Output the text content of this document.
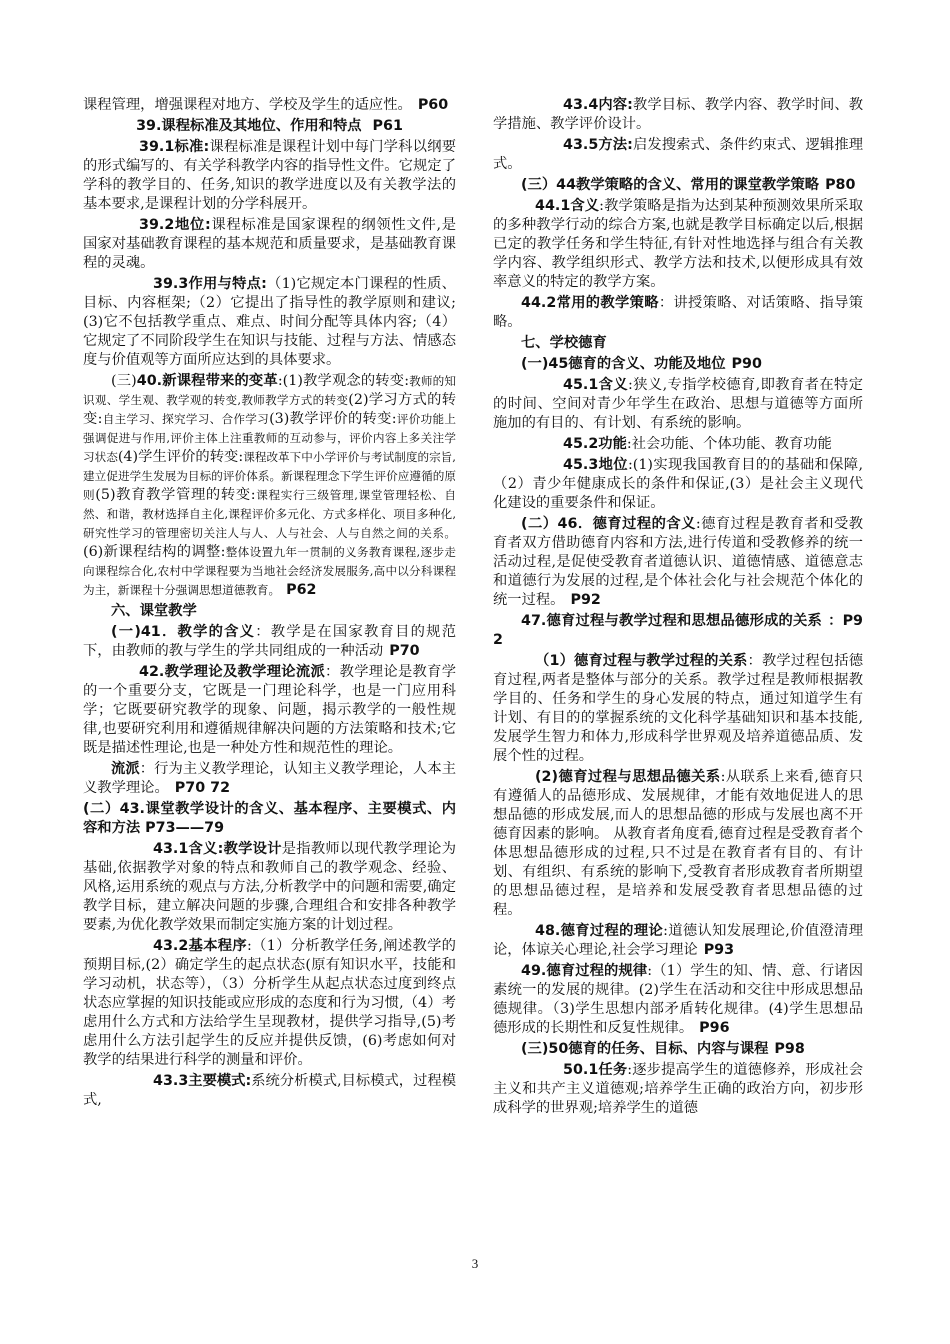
课程管理，增强课程对地方、学校及学生的适应性。 P60

39.课程标准及其地位、作用和特点 P61

39.1标准:课程标准是课程计划中每门学科以纲要的形式编写的、有关学科教学内容的指导性文件。它规定了学科的教学目的、任务,知识的教学进度以及有关教学法的基本要求,是课程计划的分学科展开。

39.2地位:课程标准是国家课程的纲领性文件,是国家对基础教育课程的基本规范和质量要求，是基础教育课程的灵魂。

39.3作用与特点:（1)它规定本门课程的性质、目标、内容框架;（2）它提出了指导性的教学原则和建议;(3)它不包括教学重点、难点、时间分配等具体内容;（4）它规定了不同阶段学生在知识与技能、过程与方法、情感态度与价值观等方面所应达到的具体要求。

(三)40.新课程带来的变革:(1)教学观念的转变:教师的知识观、学生观、教学观的转变,教师教学方式的转变(2)学习方式的转变:自主学习、探究学习、合作学习(3)教学评价的转变:评价功能上强调促进与作用,评价主体上注重教师的互动参与，评价内容上多关注学习状态(4)学生评价的转变:课程改革下中小学评价与考试制度的宗旨,建立促进学生发展为目标的评价体系。新课程理念下学生评价应遵循的原则(5)教育教学管理的转变:课程实行三级管理,课堂管理轻松、自然、和谐，教材选择自主化,课程评价多元化、方式多样化、项目多种化,研究性学习的管理密切关注人与人、人与社会、人与自然之间的关系。(6)新课程结构的调整:整体设置九年一贯制的义务教育课程,逐步走向课程综合化,农村中学课程要为当地社会经济发展服务,高中以分科课程为主，新课程十分强调思想道德教育。 P62

六、课堂教学

(一)41．教学的含义：教学是在国家教育目的规范下，由教师的教与学生的学共同组成的一种活动 P70

42.教学理论及教学理论流派：教学理论是教育学的一个重要分支，它既是一门理论科学，也是一门应用科学；它既要研究教学的现象、问题，揭示教学的一般性规律,也要研究利用和遵循规律解决问题的方法策略和技术;它既是描述性理论,也是一种处方性和规范性的理论。

流派：行为主义教学理论，认知主义教学理论，人本主义教学理论。 P70 72

(二）43.课堂教学设计的含义、基本程序、主要模式、内容和方法 P73——79

43.1含义:教学设计是指教师以现代教学理论为基础,依据教学对象的特点和教师自己的教学观念、经验、风格,运用系统的观点与方法,分析教学中的问题和需要,确定教学目标，建立解决问题的步骤,合理组合和安排各种教学要素,为优化教学效果而制定实施方案的计划过程。

43.2基本程序:（1）分析教学任务,阐述教学的预期目标,(2）确定学生的起点状态(原有知识水平，技能和学习动机，状态等），（3）分析学生从起点状态过度到终点状态应掌握的知识技能或应形成的态度和行为习惯,（4）考虑用什么方式和方法给学生呈现教材，提供学习指导,(5)考虑用什么方法引起学生的反应并提供反馈，(6)考虑如何对教学的结果进行科学的测量和评价。

43.3主要模式:系统分析模式,目标模式，过程模式,

43.4内容:教学目标、教学内容、教学时间、教学措施、教学评价设计。

43.5方法:启发搜索式、条件约束式、逻辑推理式。

(三）44教学策略的含义、常用的课堂教学策略 P80

44.1含义:教学策略是指为达到某种预测效果所采取的多种教学行动的综合方案,也就是教学目标确定以后,根据已定的教学任务和学生特征,有针对性地选择与组合有关教学内容、教学组织形式、教学方法和技术,以便形成具有效率意义的特定的教学方案。

44.2常用的教学策略：讲授策略、对话策略、指导策略。

七、学校德育

(一)45德育的含义、功能及地位 P90

45.1含义:狭义,专指学校德育,即教育者在特定的时间、空间对青少年学生在政治、思想与道德等方面所施加的有目的、有计划、有系统的影响。

45.2功能:社会功能、个体功能、教育功能

45.3地位:(1)实现我国教育目的的基础和保障,（2）青少年健康成长的条件和保证,(3）是社会主义现代化建设的重要条件和保证。

(二）46．德育过程的含义:德育过程是教育者和受教育者双方借助德育内容和方法,进行传道和受教修养的统一活动过程,是促使受教育者道德认识、道德情感、道德意志和道德行为发展的过程,是个体社会化与社会规范个体化的统一过程。 P92

47.德育过程与教学过程和思想品德形成的关系 ：P92

（1）德育过程与教学过程的关系：教学过程包括德育过程,两者是整体与部分的关系。教学过程是教师根据教学目的、任务和学生的身心发展的特点，通过知道学生有计划、有目的的掌握系统的文化科学基础知识和基本技能,发展学生智力和体力,形成科学世界观及培养道德品质、发展个性的过程。

(2)德育过程与思想品德关系:从联系上来看,德育只有遵循人的品德形成、发展规律，才能有效地促进人的思想品德的形成发展,而人的思想品德的形成与发展也离不开德育因素的影响。 从教育者角度看,德育过程是受教育者个体思想品德形成的过程,只不过是在教育者有目的、有计划、有组织、有系统的影响下,受教育者形成教育者所期望的思想品德过程，是培养和发展受教育者思想品德的过程。

48.德育过程的理论:道德认知发展理论,价值澄清理论，体谅关心理论,社会学习理论 P93

49.德育过程的规律:（1）学生的知、情、意、行诸因素统一的发展的规律。(2)学生在活动和交往中形成思想品德规律。（3)学生思想内部矛盾转化规律。(4)学生思想品德形成的长期性和反复性规律。 P96

(三)50德育的任务、目标、内容与课程 P98

50.1任务:逐步提高学生的道德修养，形成社会主义和共产主义道德观;培养学生正确的政治方向，初步形成科学的世界观;培养学生的道德

3
